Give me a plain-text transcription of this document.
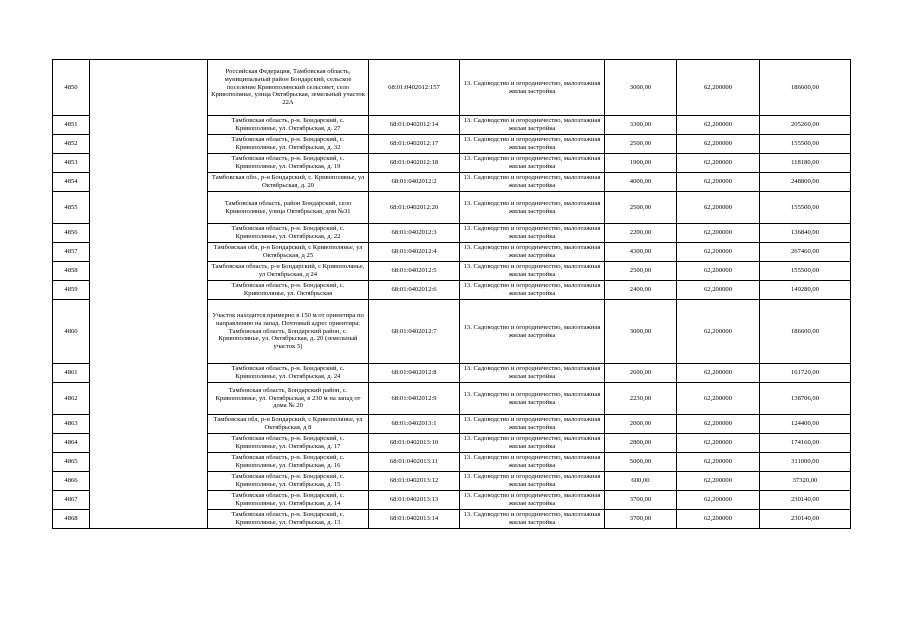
4850		Российская Федерация, Тамбовская область, муниципальный район Бондарский, сельское поселение Кривополянский сельсовет, село Кривополянье, улица Октябрьская, земельный участок 22А	68:01:0402012:157	13. Садоводство и огородничество, малоэтажная жилая застройка	3000,00	62,200000	186600,00
4851		Тамбовская область, р-н. Бондарский, с. Кривополянье, ул. Октябрьская, д. 27	68:01:0402012:14	13. Садоводство и огородничество, малоэтажная жилая застройка	3300,00	62,200000	205260,00
4852		Тамбовская область, р-н. Бондарский, с. Кривополянье, ул. Октябрьская, д. 32	68:01:0402012:17	13. Садоводство и огородничество, малоэтажная жилая застройка	2500,00	62,200000	155500,00
4853		Тамбовская область, р-н. Бондарский, с. Кривополянье, ул. Октябрьская, д. 19	68:01:0402012:18	13. Садоводство и огородничество, малоэтажная жилая застройка	1900,00	62,200000	118180,00
4854		Тамбовская обл., р-н Бондарский, с. Кривополянье, ул Октябрьская, д. 20	68:01:0402012:2	13. Садоводство и огородничество, малоэтажная жилая застройка	4000,00	62,200000	248800,00
4855		Тамбовская область, район Бондарский, село Кривополянье, улица Октябрьская, дом №31	68:01:0402012:20	13. Садоводство и огородничество, малоэтажная жилая застройка	2500,00	62,200000	155500,00
4856		Тамбовская область, р-н. Бондарский, с. Кривополянье, ул. Октябрьская, д. 22	68:01:0402012:3	13. Садоводство и огородничество, малоэтажная жилая застройка	2200,00	62,200000	136840,00
4857		Тамбовская обл, р-н Бондарский, с Кривополянье, ул Октябрьская, д 25	68:01:0402012:4	13. Садоводство и огородничество, малоэтажная жилая застройка	4300,00	62,200000	267460,00
4858		Тамбовская область, р-н Бондарский, с Кривополянье, ул Октябрьская, д 24	68:01:0402012:5	13. Садоводство и огородничество, малоэтажная жилая застройка	2500,00	62,200000	155500,00
4859		Тамбовская область, р-н. Бондарский, с. Кривополянье, ул. Октябрьская	68:01:0402012:6	13. Садоводство и огородничество, малоэтажная жилая застройка	2400,00	62,200000	149280,00
4860		Участок находится примерно в 150 м от ориентира по направлению на запад. Почтовый адрес ориентира: Тамбовская область, Бондарский район, с. Кривополянье, ул. Октябрьская, д. 20 (земельный участок 5)	68:01:0402012:7	13. Садоводство и огородничество, малоэтажная жилая застройка	3000,00	62,200000	186600,00
4861		Тамбовская область, р-н. Бондарский, с. Кривополянье, ул. Октябрьская, д. 24	68:01:0402012:8	13. Садоводство и огородничество, малоэтажная жилая застройка	2600,00	62,200000	161720,00
4862		Тамбовская область, Бондарский район, с. Кривополянье, ул. Октябрьская, в 230 м на запад от дома № 20	68:01:0402012:9	13. Садоводство и огородничество, малоэтажная жилая застройка	2230,00	62,200000	138706,00
4863		Тамбовская обл, р-н Бондарский, с Кривополянье, ул Октябрьская, д 8	68:01:0402013:1	13. Садоводство и огородничество, малоэтажная жилая застройка	2000,00	62,200000	124400,00
4864		Тамбовская область, р-н. Бондарский, с. Кривополянье, ул. Октябрьская, д. 17	68:01:0402013:10	13. Садоводство и огородничество, малоэтажная жилая застройка	2800,00	62,200000	174160,00
4865		Тамбовская область, р-н. Бондарский, с. Кривополянье, ул. Октябрьская, д. 16	68:01:0402013:11	13. Садоводство и огородничество, малоэтажная жилая застройка	5000,00	62,200000	311000,00
4866		Тамбовская область, р-н. Бондарский, с. Кривополянье, ул. Октябрьская, д. 15	68:01:0402013:12	13. Садоводство и огородничество, малоэтажная жилая застройка	600,00	62,200000	37320,00
4867		Тамбовская область, р-н. Бондарский, с. Кривополянье, ул. Октябрьская, д. 14	68:01:0402013:13	13. Садоводство и огородничество, малоэтажная жилая застройка	3700,00	62,200000	230140,00
4868		Тамбовская область, р-н. Бондарский, с. Кривополянье, ул. Октябрьская, д. 13	68:01:0402013:14	13. Садоводство и огородничество, малоэтажная жилая застройка	3700,00	62,200000	230140,00
